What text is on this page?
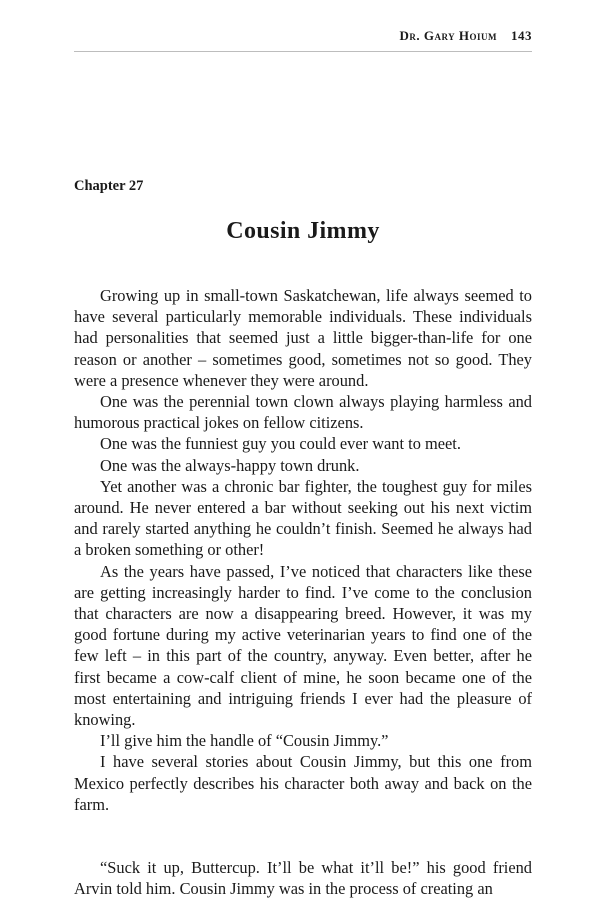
Dr. Gary Hoium 143
Chapter 27
Cousin Jimmy

Growing up in small-town Saskatchewan, life always seemed to have several particularly memorable individuals. These individuals had personalities that seemed just a little bigger-than-life for one reason or another – sometimes good, sometimes not so good. They were a presence whenever they were around.

One was the perennial town clown always playing harmless and humorous practical jokes on fellow citizens.

One was the funniest guy you could ever want to meet.

One was the always-happy town drunk.

Yet another was a chronic bar fighter, the toughest guy for miles around. He never entered a bar without seeking out his next victim and rarely started anything he couldn’t finish. Seemed he always had a broken something or other!

As the years have passed, I’ve noticed that characters like these are getting increasingly harder to find. I’ve come to the conclusion that characters are now a disappearing breed. However, it was my good fortune during my active veterinarian years to find one of the few left – in this part of the country, anyway. Even better, after he first became a cow-calf client of mine, he soon became one of the most entertaining and intriguing friends I ever had the pleasure of knowing.

I’ll give him the handle of “Cousin Jimmy.”

I have several stories about Cousin Jimmy, but this one from Mexico perfectly describes his character both away and back on the farm.

“Suck it up, Buttercup. It’ll be what it’ll be!” his good friend Arvin told him. Cousin Jimmy was in the process of creating an
